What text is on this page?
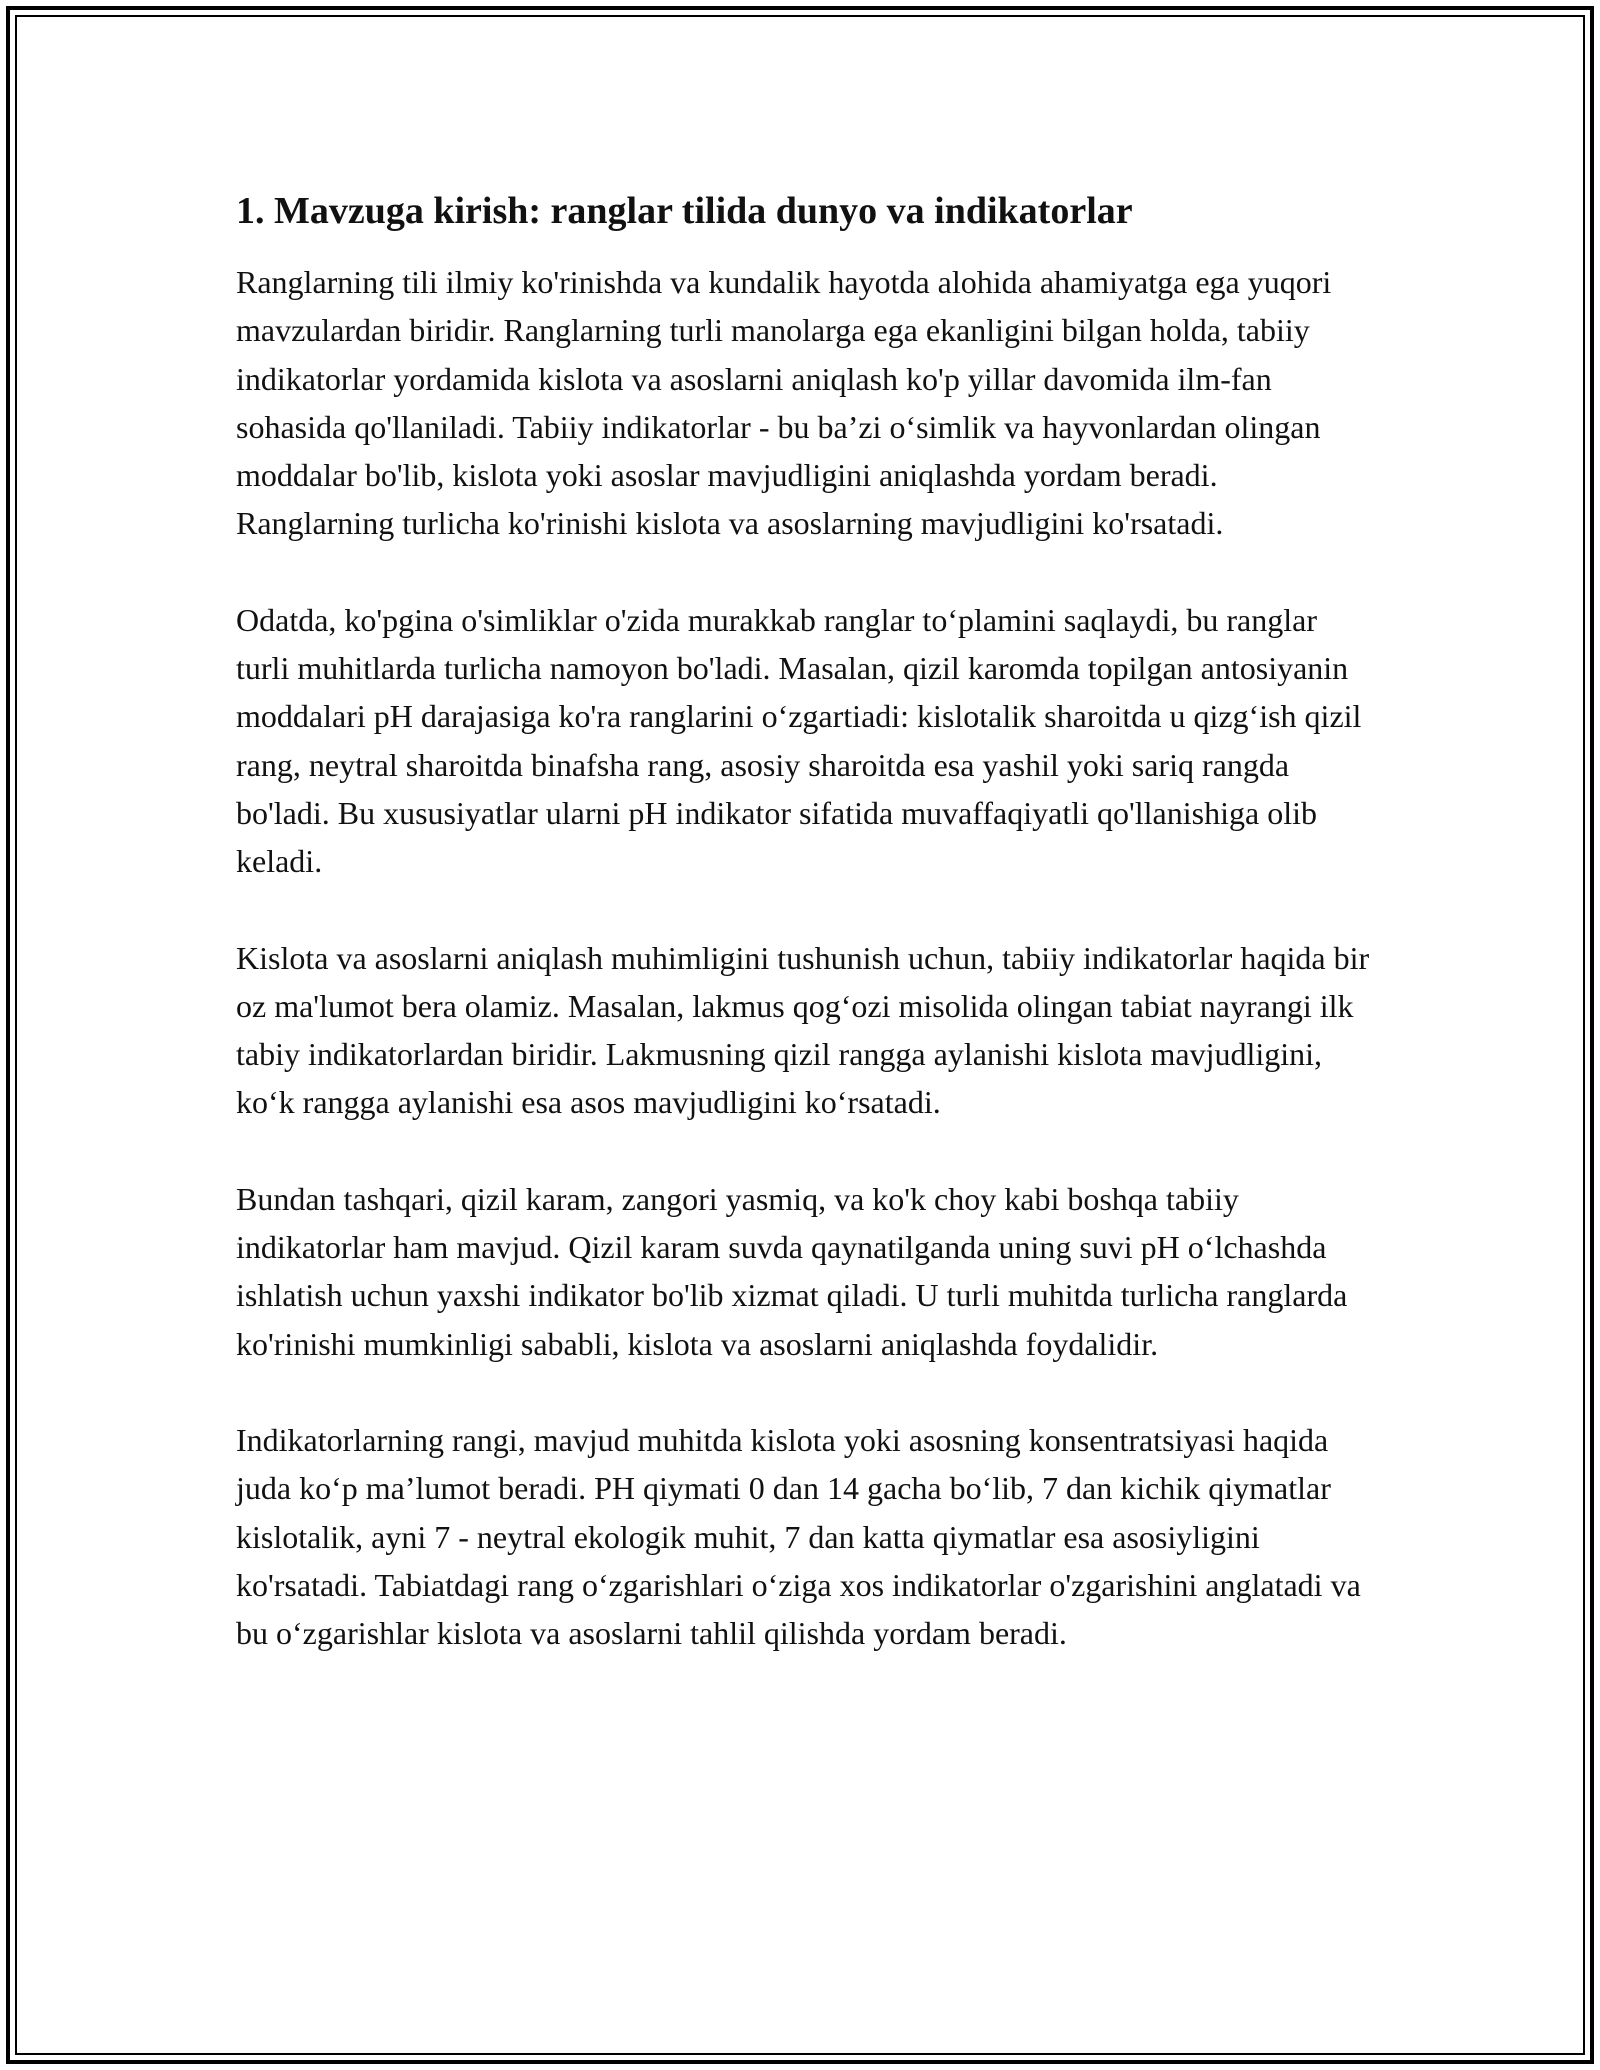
1. Mavzuga kirish: ranglar tilida dunyo va indikatorlar

Ranglarning tili ilmiy ko'rinishda va kundalik hayotda alohida ahamiyatga ega yuqori mavzulardan biridir. Ranglarning turli manolarga ega ekanligini bilgan holda, tabiiy indikatorlar yordamida kislota va asoslarni aniqlash ko'p yillar davomida ilm-fan sohasida qo'llaniladi. Tabiiy indikatorlar - bu ba’zi o‘simlik va hayvonlardan olingan moddalar bo'lib, kislota yoki asoslar mavjudligini aniqlashda yordam beradi. Ranglarning turlicha ko'rinishi kislota va asoslarning mavjudligini ko'rsatadi.

Odatda, ko'pgina o'simliklar o'zida murakkab ranglar to‘plamini saqlaydi, bu ranglar turli muhitlarda turlicha namoyon bo'ladi. Masalan, qizil karomda topilgan antosiyanin moddalari pH darajasiga ko'ra ranglarini o‘zgartiadi: kislotalik sharoitda u qizg‘ish qizil rang, neytral sharoitda binafsha rang, asosiy sharoitda esa yashil yoki sariq rangda bo'ladi. Bu xususiyatlar ularni pH indikator sifatida muvaffaqiyatli qo'llanishiga olib keladi.

Kislota va asoslarni aniqlash muhimligini tushunish uchun, tabiiy indikatorlar haqida bir oz ma'lumot bera olamiz. Masalan, lakmus qog‘ozi misolida olingan tabiat nayrangi ilk tabiy indikatorlardan biridir. Lakmusning qizil rangga aylanishi kislota mavjudligini, ko‘k rangga aylanishi esa asos mavjudligini ko‘rsatadi.

Bundan tashqari, qizil karam, zangori yasmiq, va ko'k choy kabi boshqa tabiiy indikatorlar ham mavjud. Qizil karam suvda qaynatilganda uning suvi pH o‘lchashda ishlatish uchun yaxshi indikator bo'lib xizmat qiladi. U turli muhitda turlicha ranglarda ko'rinishi mumkinligi sababli, kislota va asoslarni aniqlashda foydalidir.

Indikatorlarning rangi, mavjud muhitda kislota yoki asosning konsentratsiyasi haqida juda ko‘p ma’lumot beradi. PH qiymati 0 dan 14 gacha bo‘lib, 7 dan kichik qiymatlar kislotalik, ayni 7 - neytral ekologik muhit, 7 dan katta qiymatlar esa asosiyligini ko'rsatadi. Tabiatdagi rang o‘zgarishlari o‘ziga xos indikatorlar o'zgarishini anglatadi va bu o‘zgarishlar kislota va asoslarni tahlil qilishda yordam beradi.
